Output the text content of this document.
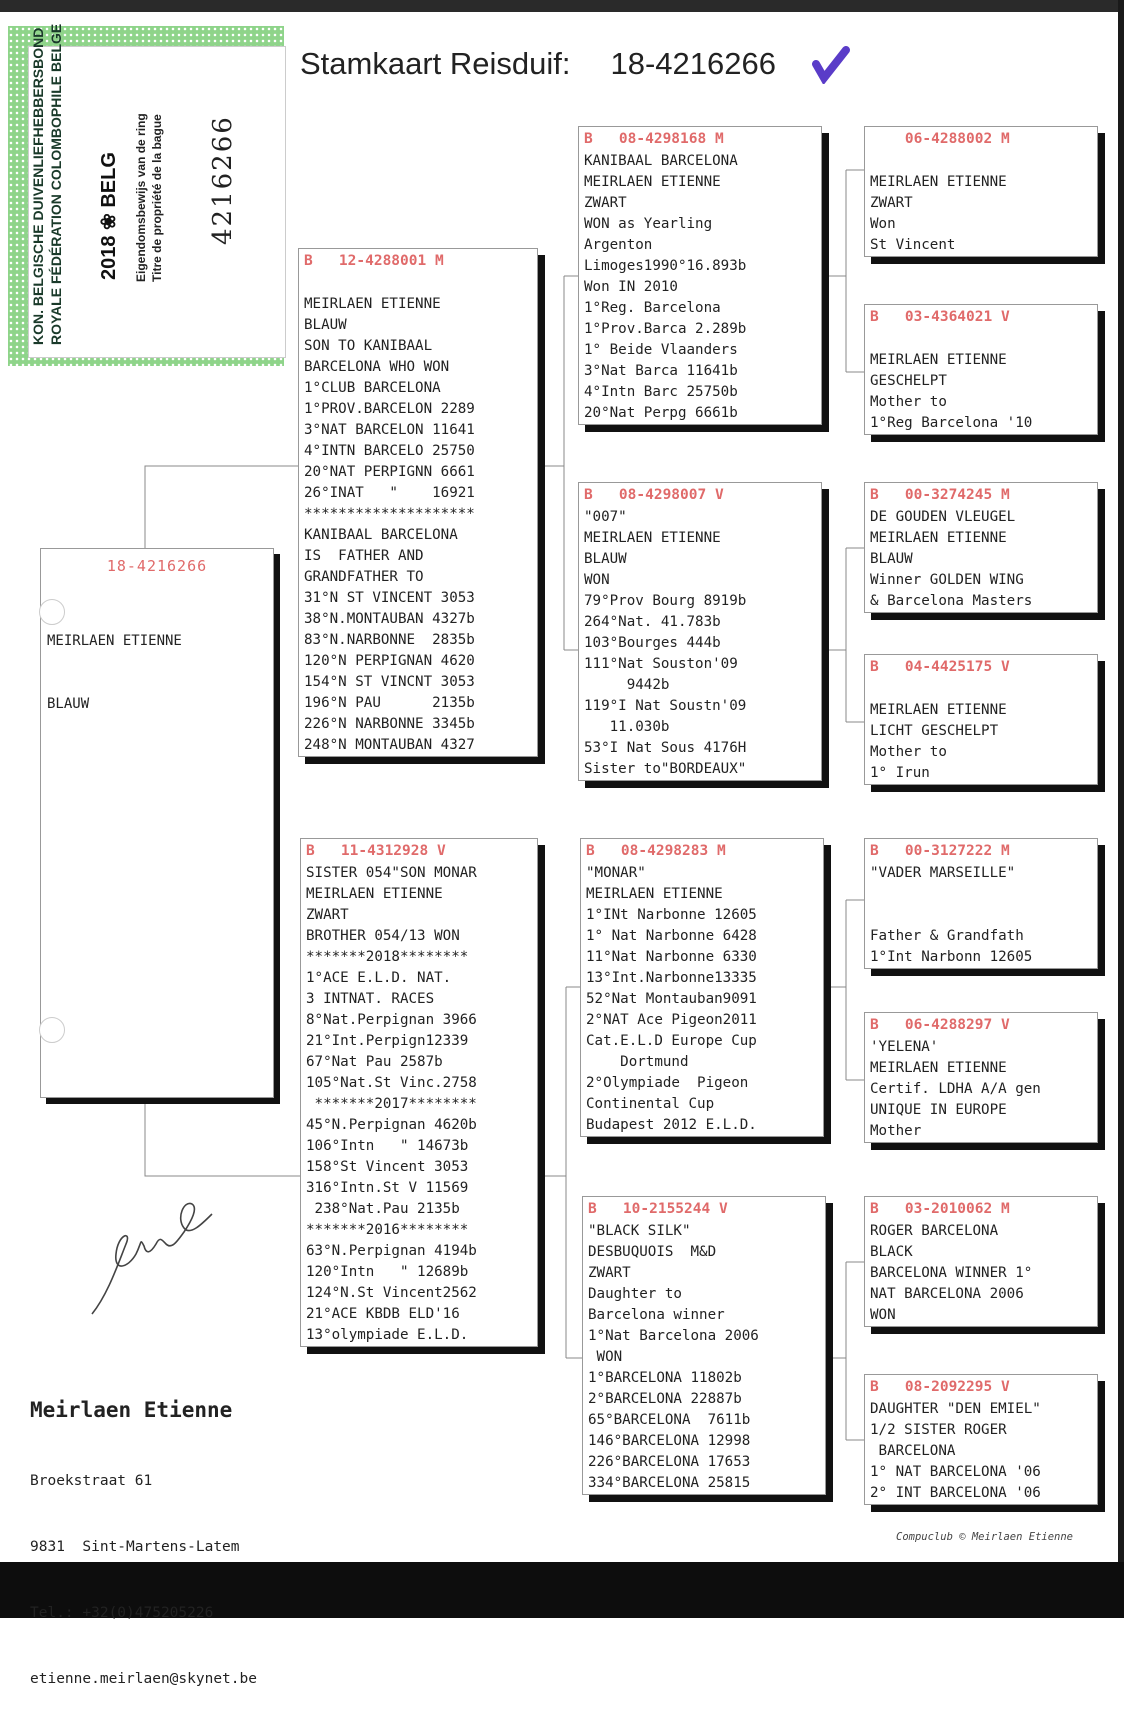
KON. BELGISCHE DUIVENLIEFHEBBERSBOND ROYALE FÉDÉRATION COLOMBOPHILE BELGE 2018 ❀ BELG Eigendomsbewijs van de ring Titre de propriété de la bague 4216266
Stamkaart Reisduif: 18-4216266
18-4216266

MEIRLAEN ETIENNE

BLAUW

B   12-4288001 M
MEIRLAEN ETIENNE
BLAUW
SON TO KANIBAAL
BARCELONA WHO WON
1°CLUB BARCELONA
1°PROV.BARCELON 2289
3°NAT BARCELON 11641
4°INTN BARCELO 25750
20°NAT PERPIGNN 6661
26°INAT   "    16921
********************
KANIBAAL BARCELONA
IS  FATHER AND
GRANDFATHER TO
31°N ST VINCENT 3053
38°N.MONTAUBAN 4327b
83°N.NARBONNE  2835b
120°N PERPIGNAN 4620
154°N ST VINCNT 3053
196°N PAU      2135b
226°N NARBONNE 3345b
248°N MONTAUBAN 4327
B   11-4312928 V
SISTER 054"SON MONAR
MEIRLAEN ETIENNE
ZWART
BROTHER 054/13 WON
*******2018********
1°ACE E.L.D. NAT.
3 INTNAT. RACES
8°Nat.Perpignan 3966
21°Int.Perpign12339
67°Nat Pau 2587b
105°Nat.St Vinc.2758
*******2017********
45°N.Perpignan 4620b
106°Intn   " 14673b
158°St Vincent 3053
316°Intn.St V 11569
238°Nat.Pau 2135b
*******2016********
63°N.Perpignan 4194b
120°Intn   " 12689b
124°N.St Vincent2562
21°ACE KBDB ELD'16
13°olympiade E.L.D.
B   08-4298168 M
KANIBAAL BARCELONA
MEIRLAEN ETIENNE
ZWART
WON as Yearling
Argenton
Limoges1990°16.893b
Won IN 2010
1°Reg. Barcelona
1°Prov.Barca 2.289b
1° Beide Vlaanders
3°Nat Barca 11641b
4°Intn Barc 25750b
20°Nat Perpg 6661b
B   08-4298007 V
"007"
MEIRLAEN ETIENNE
BLAUW
WON
79°Prov Bourg 8919b
264°Nat. 41.783b
103°Bourges 444b
111°Nat Souston'09
9442b
119°I Nat Soustn'09
11.030b
53°I Nat Sous 4176H
Sister to"BORDEAUX"
B   08-4298283 M
"MONAR"
MEIRLAEN ETIENNE
1°INt Narbonne 12605
1° Nat Narbonne 6428
11°Nat Narbonne 6330
13°Int.Narbonne13335
52°Nat Montauban9091
2°NAT Ace Pigeon2011
Cat.E.L.D Europe Cup
Dortmund
2°Olympiade  Pigeon
Continental Cup
Budapest 2012 E.L.D.
B   10-2155244 V
"BLACK SILK"
DESBUQUOIS  M&D
ZWART
Daughter to
Barcelona winner
1°Nat Barcelona 2006
WON
1°BARCELONA 11802b
2°BARCELONA 22887b
65°BARCELONA  7611b
146°BARCELONA 12998
226°BARCELONA 17653
334°BARCELONA 25815
06-4288002 M
MEIRLAEN ETIENNE
ZWART
Won
St Vincent
B   03-4364021 V
MEIRLAEN ETIENNE
GESCHELPT
Mother to
1°Reg Barcelona '10
B   00-3274245 M
DE GOUDEN VLEUGEL
MEIRLAEN ETIENNE
BLAUW
Winner GOLDEN WING
& Barcelona Masters
B   04-4425175 V
MEIRLAEN ETIENNE
LICHT GESCHELPT
Mother to
1° Irun
B   00-3127222 M
"VADER MARSEILLE"
Father & Grandfath
1°Int Narbonn 12605
B   06-4288297 V
'YELENA'
MEIRLAEN ETIENNE
Certif. LDHA A/A gen
UNIQUE IN EUROPE
Mother
B   03-2010062 M
ROGER BARCELONA
BLACK
BARCELONA WINNER 1°
NAT BARCELONA 2006
WON
B   08-2092295 V
DAUGHTER "DEN EMIEL"
1/2 SISTER ROGER
BARCELONA
1° NAT BARCELONA '06
2° INT BARCELONA '06
Meirlaen Etienne

Broekstraat 61

9831  Sint-Martens-Latem

Tel.: +32(0)475205226

etienne.meirlaen@skynet.be

Compuclub © Meirlaen Etienne
